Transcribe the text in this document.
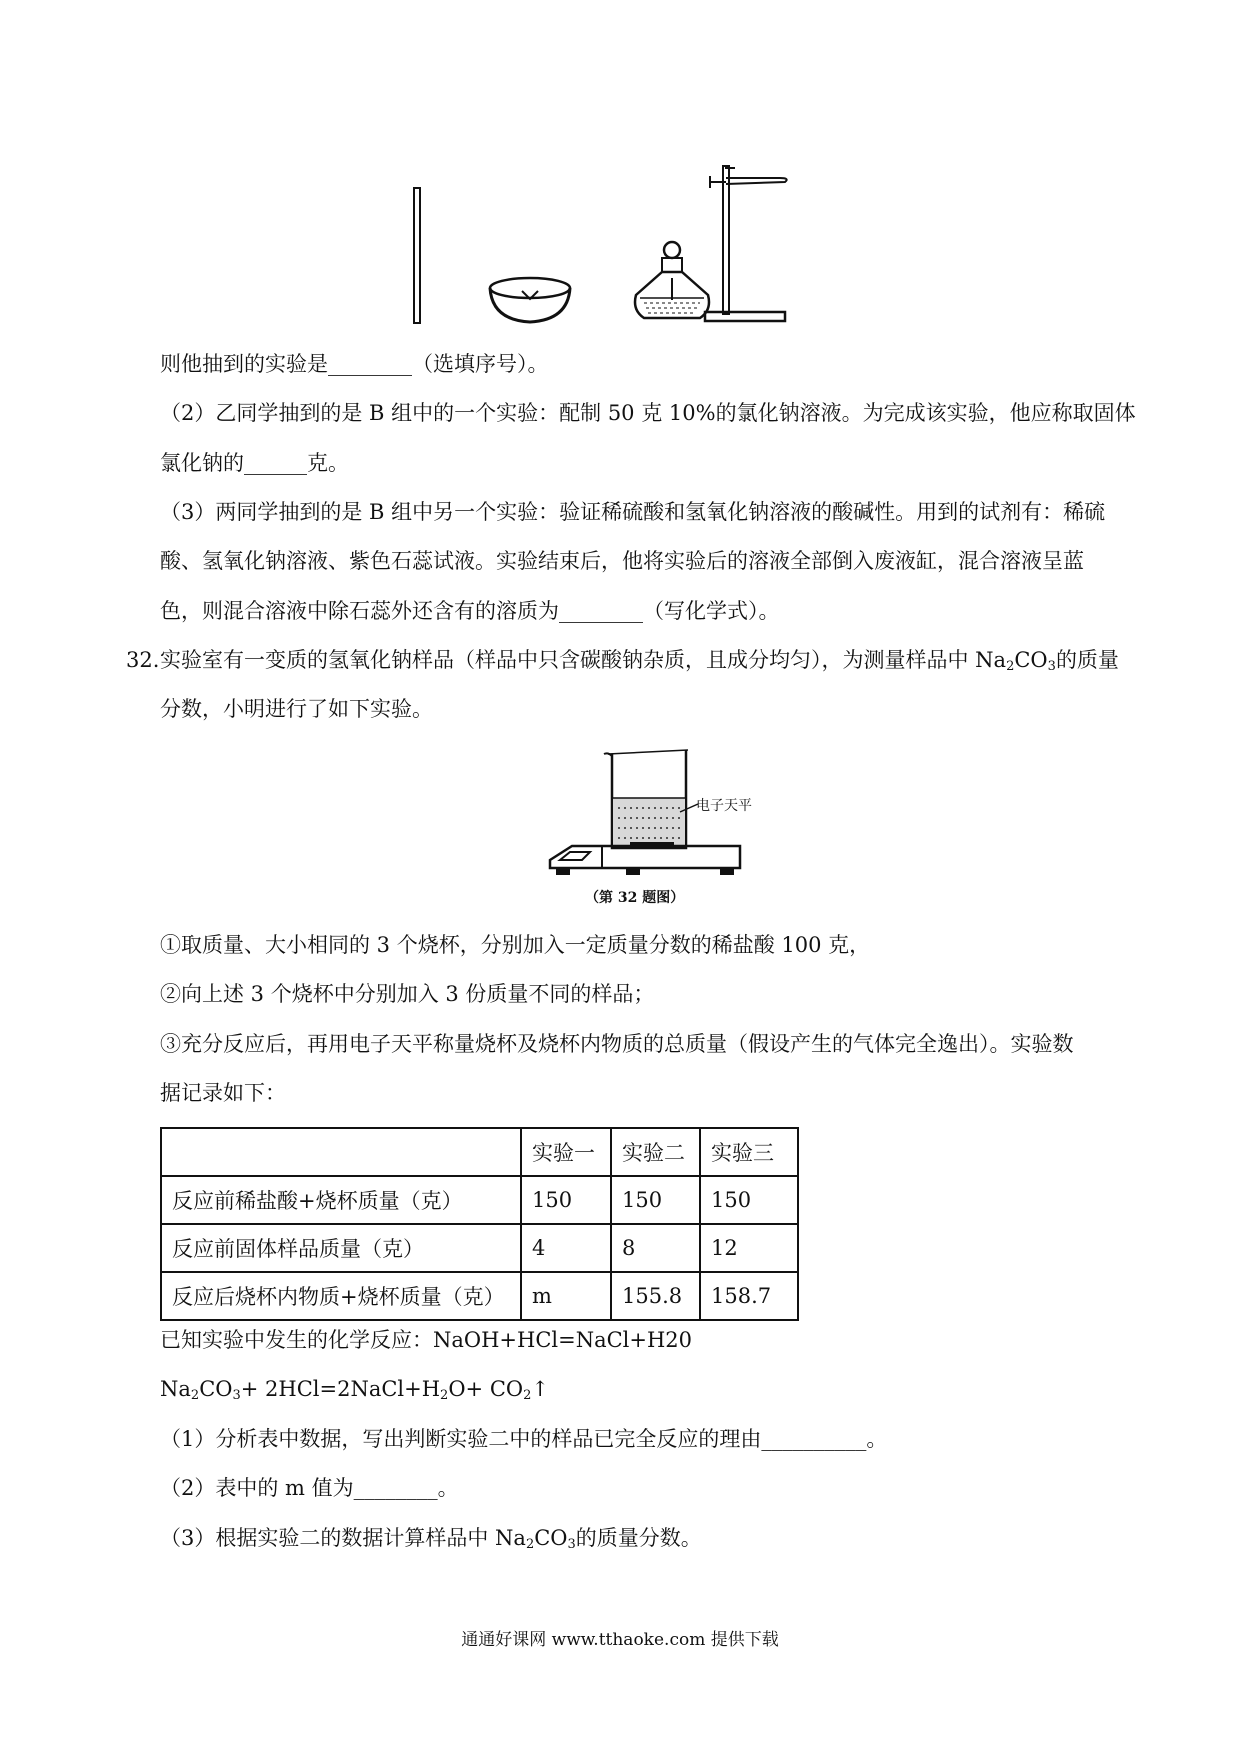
则他抽到的实验是________（选填序号）。
（2）乙同学抽到的是 B 组中的一个实验：配制 50 克 10%的氯化钠溶液。为完成该实验，他应称取固体
氯化钠的______克。
（3）两同学抽到的是 B 组中另一个实验：验证稀硫酸和氢氧化钠溶液的酸碱性。用到的试剂有：稀硫
酸、氢氧化钠溶液、紫色石蕊试液。实验结束后，他将实验后的溶液全部倒入废液缸，混合溶液呈蓝
色，则混合溶液中除石蕊外还含有的溶质为________（写化学式）。
32. 实验室有一变质的氢氧化钠样品（样品中只含碳酸钠杂质，且成分均匀），为测量样品中 $Na_2CO_3$的质量
分数，小明进行了如下实验。
电子天平
（第 32 题图）
①取质量、大小相同的 3 个烧杯，分别加入一定质量分数的稀盐酸 100 克，
②向上述 3 个烧杯中分别加入 3 份质量不同的样品；
③充分反应后，再用电子天平称量烧杯及烧杯内物质的总质量（假设产生的气体完全逸出）。实验数
据记录如下：
	实验一	实验二	实验三
反应前稀盐酸+烧杯质量（克）	150	150	150
反应前固体样品质量（克）	4	8	12
反应后烧杯内物质+烧杯质量（克）	m	155.8	158.7
已知实验中发生的化学反应：NaOH+HCl=NaCl+H20
$Na_2CO_3+$ $2HCl=2NaCl+H_2O+$ $CO_2↑$
（1）分析表中数据，写出判断实验二中的样品已完全反应的理由__________。
（2）表中的 m 值为________。
（3）根据实验二的数据计算样品中 $Na_2CO_3$的质量分数。
通通好课网 www.tthaoke.com 提供下载
